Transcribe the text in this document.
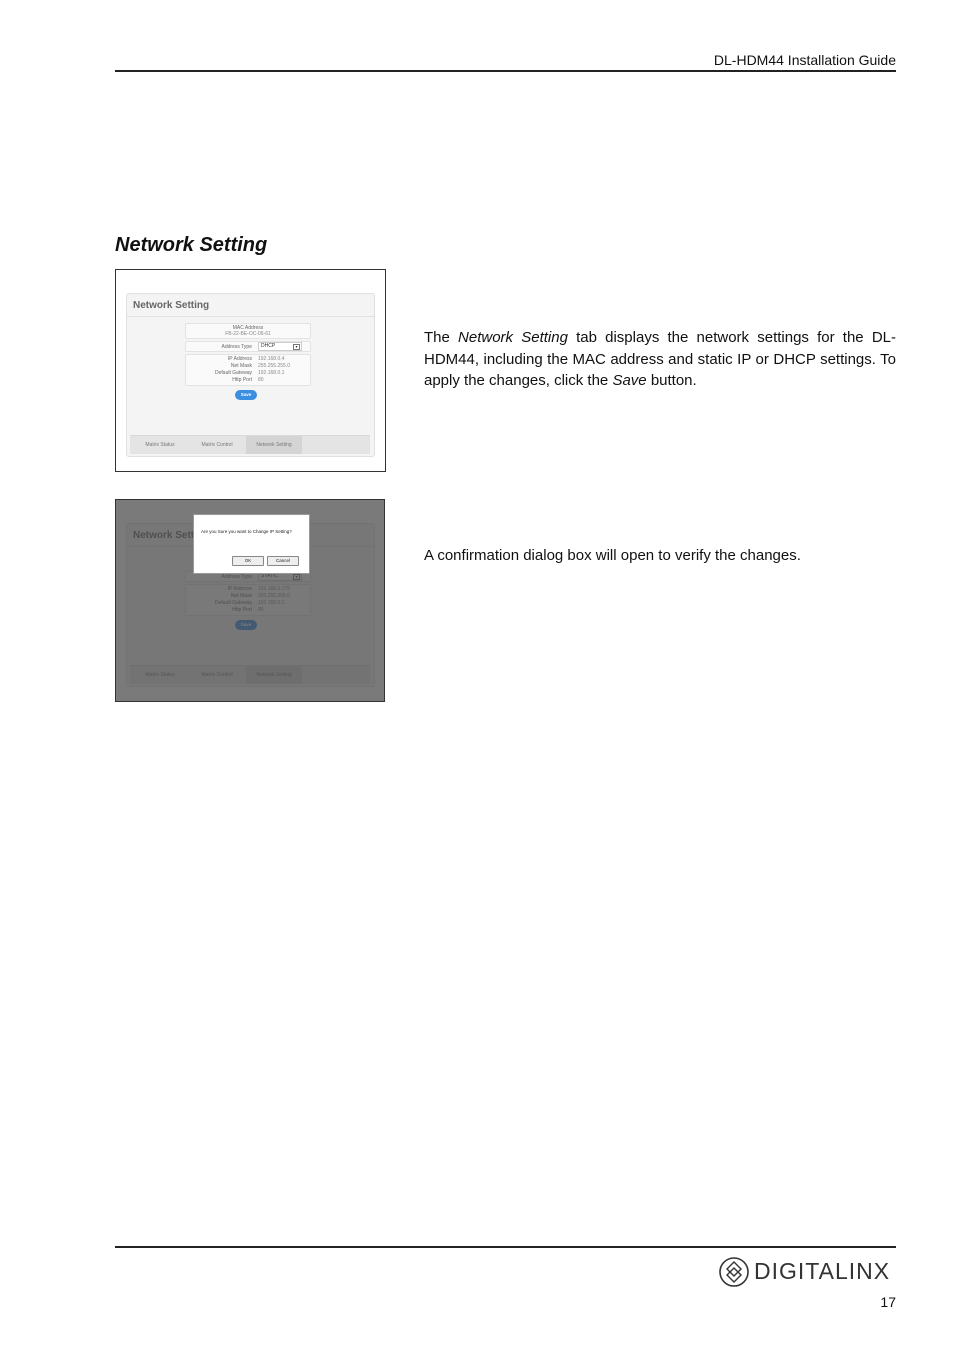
DL-HDM44 Installation Guide
Network Setting
Network Setting
MAC Address
FB-22-BE-OC-06-61
Address Type	DHCP	▾
IP Address 192.168.0.4
Net Mask 255.255.255.0
Default Gateway 192.168.0.1
Http Port 80
Save
Matrix Status	Matrix Control	Network Setting
The Network Setting tab displays the network settings for the DL-HDM44, including the MAC address and static IP or DHCP settings. To apply the changes, click the Save button.
Are you Sure you want to Change IP Setting?
OK	Cancel	A confirmation dialog box will open to verify the changes.
DIGITALINX
17
